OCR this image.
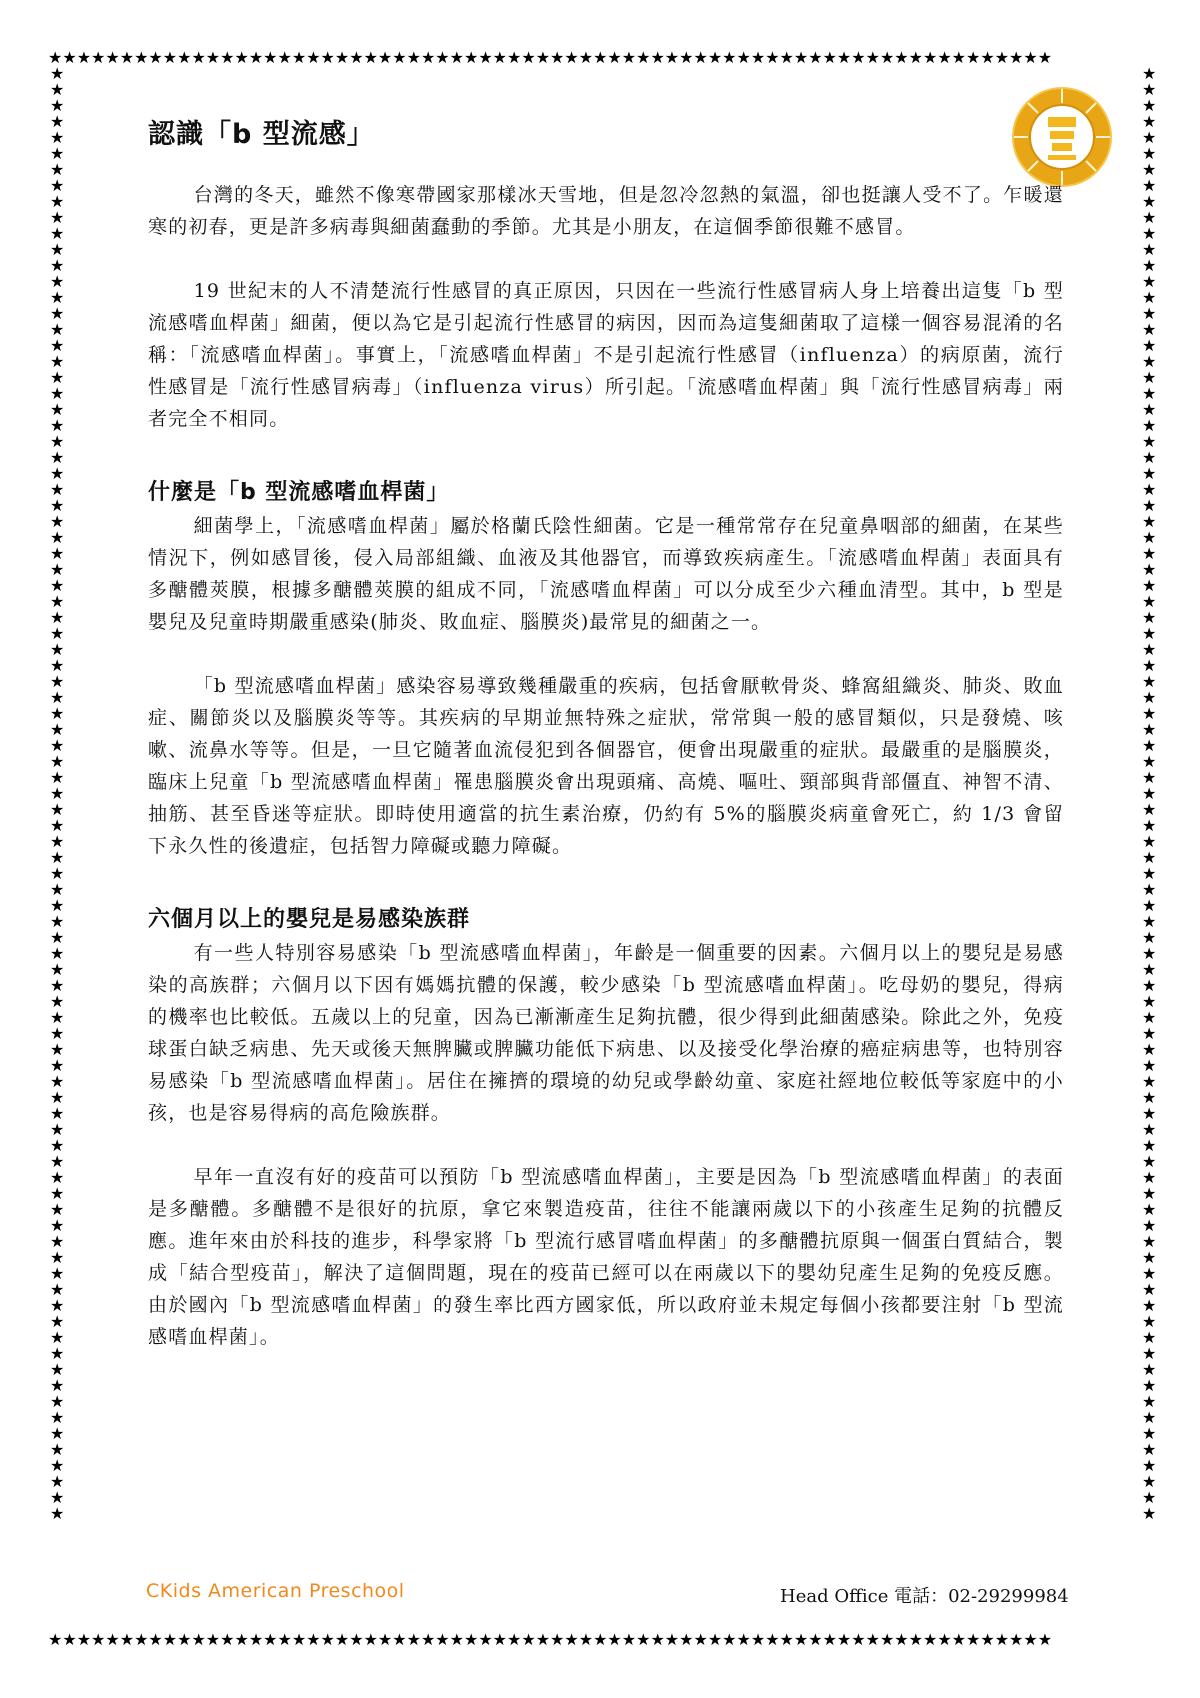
★★★★★★★★★★★★★★★★★★★★★★★★★★★★★★★★★★★★★★★★★★★★★★★★★★★★★★★★★★★★★★★★★★★★★★
★★★★★★★★★★★★★★★★★★★★★★★★★★★★★★★★★★★★★★★★★★★★★★★★★★★★★★★★★★★★★★★★★★★★★★
★★★★★★★★★★★★★★★★★★★★★★★★★★★★★★★★★★★★★★★★★★★★★★★★★★★★★★★★★★★★★★★★★★★★★★★★★★★★★★★★★★★★★★★★★★★
★★★★★★★★★★★★★★★★★★★★★★★★★★★★★★★★★★★★★★★★★★★★★★★★★★★★★★★★★★★★★★★★★★★★★★★★★★★★★★★★★★★★★★★★★★★
認識「b 型流感」

台灣的冬天，雖然不像寒帶國家那樣冰天雪地，但是忽冷忽熱的氣溫，卻也挺讓人受不了。乍暖還寒的初春，更是許多病毒與細菌蠢動的季節。尤其是小朋友，在這個季節很難不感冒。

19 世紀末的人不清楚流行性感冒的真正原因，只因在一些流行性感冒病人身上培養出這隻「b 型流感嗜血桿菌」細菌，便以為它是引起流行性感冒的病因，因而為這隻細菌取了這樣一個容易混淆的名稱：「流感嗜血桿菌」。事實上，「流感嗜血桿菌」不是引起流行性感冒（influenza）的病原菌，流行性感冒是「流行性感冒病毒」（influenza virus）所引起。「流感嗜血桿菌」與「流行性感冒病毒」兩者完全不相同。

什麼是「b 型流感嗜血桿菌」

細菌學上，「流感嗜血桿菌」屬於格蘭氏陰性細菌。它是一種常常存在兒童鼻咽部的細菌，在某些情況下，例如感冒後，侵入局部組織、血液及其他器官，而導致疾病產生。「流感嗜血桿菌」表面具有多醣體莢膜，根據多醣體莢膜的組成不同，「流感嗜血桿菌」可以分成至少六種血清型。其中，b 型是嬰兒及兒童時期嚴重感染(肺炎、敗血症、腦膜炎)最常見的細菌之一。

「b 型流感嗜血桿菌」感染容易導致幾種嚴重的疾病，包括會厭軟骨炎、蜂窩組織炎、肺炎、敗血症、關節炎以及腦膜炎等等。其疾病的早期並無特殊之症狀，常常與一般的感冒類似，只是發燒、咳嗽、流鼻水等等。但是，一旦它隨著血流侵犯到各個器官，便會出現嚴重的症狀。最嚴重的是腦膜炎，臨床上兒童「b 型流感嗜血桿菌」罹患腦膜炎會出現頭痛、高燒、嘔吐、頸部與背部僵直、神智不清、抽筋、甚至昏迷等症狀。即時使用適當的抗生素治療，仍約有 5%的腦膜炎病童會死亡，約 1/3 會留下永久性的後遺症，包括智力障礙或聽力障礙。

六個月以上的嬰兒是易感染族群

有一些人特別容易感染「b 型流感嗜血桿菌」，年齡是一個重要的因素。六個月以上的嬰兒是易感染的高族群；六個月以下因有媽媽抗體的保護，較少感染「b 型流感嗜血桿菌」。吃母奶的嬰兒，得病的機率也比較低。五歲以上的兒童，因為已漸漸產生足夠抗體，很少得到此細菌感染。除此之外，免疫球蛋白缺乏病患、先天或後天無脾臟或脾臟功能低下病患、以及接受化學治療的癌症病患等，也特別容易感染「b 型流感嗜血桿菌」。居住在擁擠的環境的幼兒或學齡幼童、家庭社經地位較低等家庭中的小孩，也是容易得病的高危險族群。

早年一直沒有好的疫苗可以預防「b 型流感嗜血桿菌」，主要是因為「b 型流感嗜血桿菌」的表面是多醣體。多醣體不是很好的抗原，拿它來製造疫苗，往往不能讓兩歲以下的小孩產生足夠的抗體反應。進年來由於科技的進步，科學家將「b 型流行感冒嗜血桿菌」的多醣體抗原與一個蛋白質結合，製成「結合型疫苗」，解決了這個問題，現在的疫苗已經可以在兩歲以下的嬰幼兒產生足夠的免疫反應。由於國內「b 型流感嗜血桿菌」的發生率比西方國家低，所以政府並未規定每個小孩都要注射「b 型流感嗜血桿菌」。

CKids American Preschool	Head Office 電話：02-29299984
